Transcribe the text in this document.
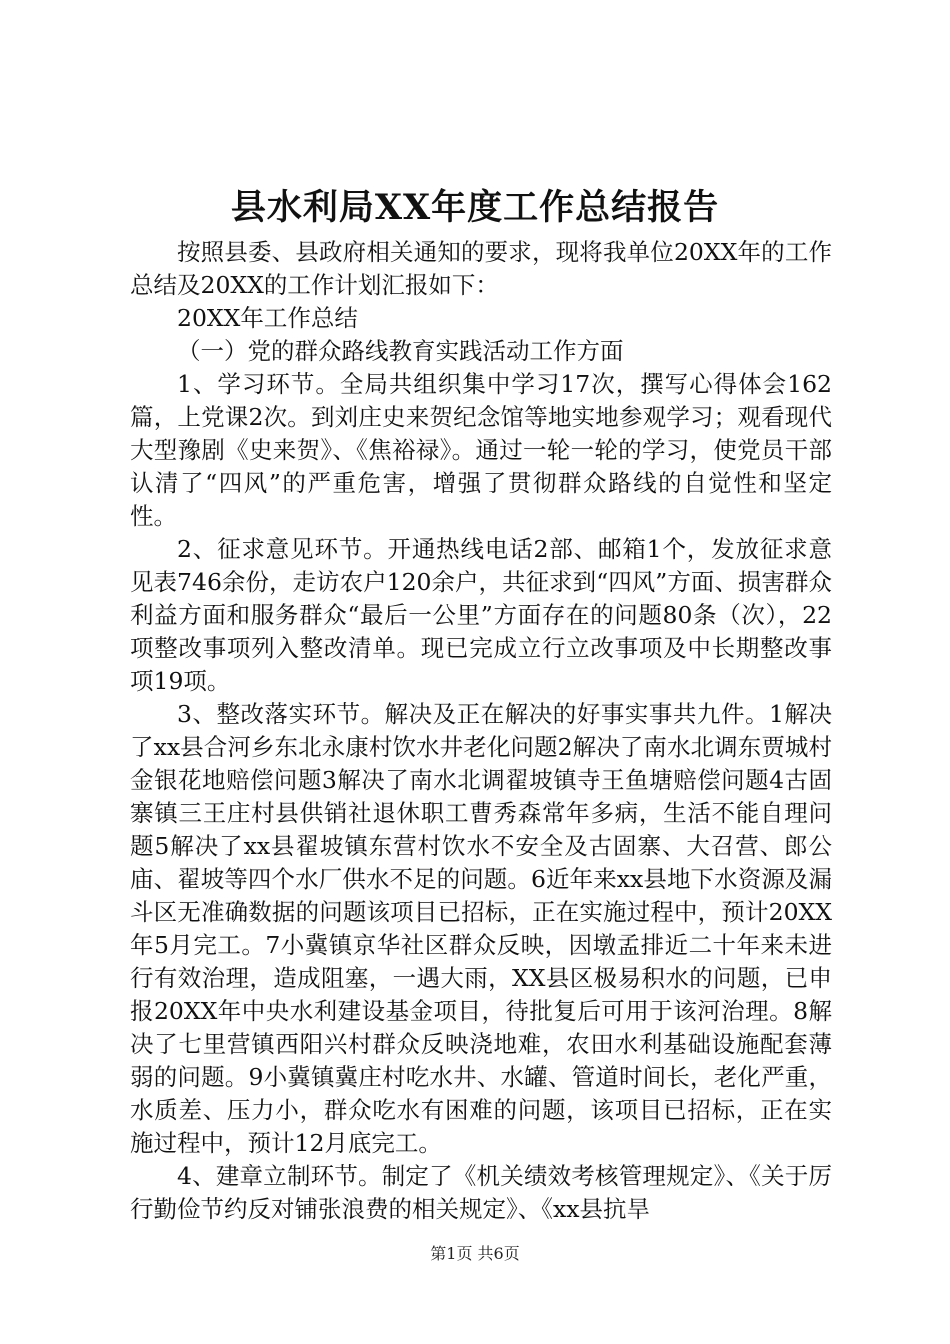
县水利局XX年度工作总结报告

按照县委、县政府相关通知的要求，现将我单位20XX年的工作总结及20XX的工作计划汇报如下：

20XX年工作总结

（一）党的群众路线教育实践活动工作方面

1、学习环节。全局共组织集中学习17次，撰写心得体会162篇，上党课2次。到刘庄史来贺纪念馆等地实地参观学习；观看现代大型豫剧《史来贺》、《焦裕禄》。通过一轮一轮的学习，使党员干部认清了“四风”的严重危害，增强了贯彻群众路线的自觉性和坚定性。

2、征求意见环节。开通热线电话2部、邮箱1个，发放征求意见表746余份，走访农户120余户，共征求到“四风”方面、损害群众利益方面和服务群众“最后一公里”方面存在的问题80条（次），22项整改事项列入整改清单。现已完成立行立改事项及中长期整改事项19项。

3、整改落实环节。解决及正在解决的好事实事共九件。1解决了xx县合河乡东北永康村饮水井老化问题2解决了南水北调东贾城村金银花地赔偿问题3解决了南水北调翟坡镇寺王鱼塘赔偿问题4古固寨镇三王庄村县供销社退休职工曹秀森常年多病，生活不能自理问题5解决了xx县翟坡镇东营村饮水不安全及古固寨、大召营、郎公庙、翟坡等四个水厂供水不足的问题。6近年来xx县地下水资源及漏斗区无准确数据的问题该项目已招标，正在实施过程中，预计20XX年5月完工。7小冀镇京华社区群众反映，因墩孟排近二十年来未进行有效治理，造成阻塞，一遇大雨，XX县区极易积水的问题，已申报20XX年中央水利建设基金项目，待批复后可用于该河治理。8解决了七里营镇西阳兴村群众反映浇地难，农田水利基础设施配套薄弱的问题。9小冀镇冀庄村吃水井、水罐、管道时间长，老化严重，水质差、压力小，群众吃水有困难的问题，该项目已招标，正在实施过程中，预计12月底完工。

4、建章立制环节。制定了《机关绩效考核管理规定》、《关于厉行勤俭节约反对铺张浪费的相关规定》、《xx县抗旱

第1页 共6页
